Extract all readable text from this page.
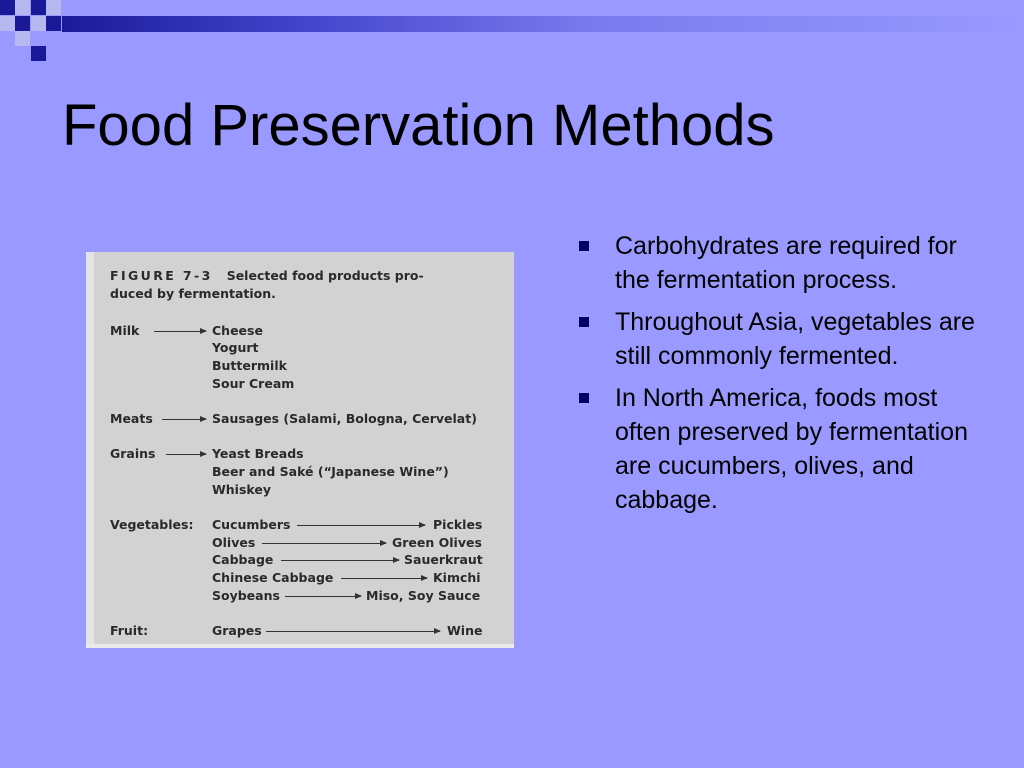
Food Preservation Methods
FIGURE 7-3 Selected food products pro-
duced by fermentation.
Milk	Cheese
Yogurt
Buttermilk
Sour Cream
Meats	Sausages (Salami, Bologna, Cervelat)
Grains	Yeast Breads
Beer and Saké (“Japanese Wine”)
Whiskey
Vegetables: Cucumbers	Pickles
Olives	Green Olives
Cabbage	Sauerkraut
Chinese Cabbage	Kimchi
Soybeans	Miso, Soy Sauce
Fruit:	Grapes	Wine
Carbohydrates are required for the fermentation process.
Throughout Asia, vegetables are still commonly fermented.
In North America, foods most often preserved by fermentation are cucumbers, olives, and cabbage.
